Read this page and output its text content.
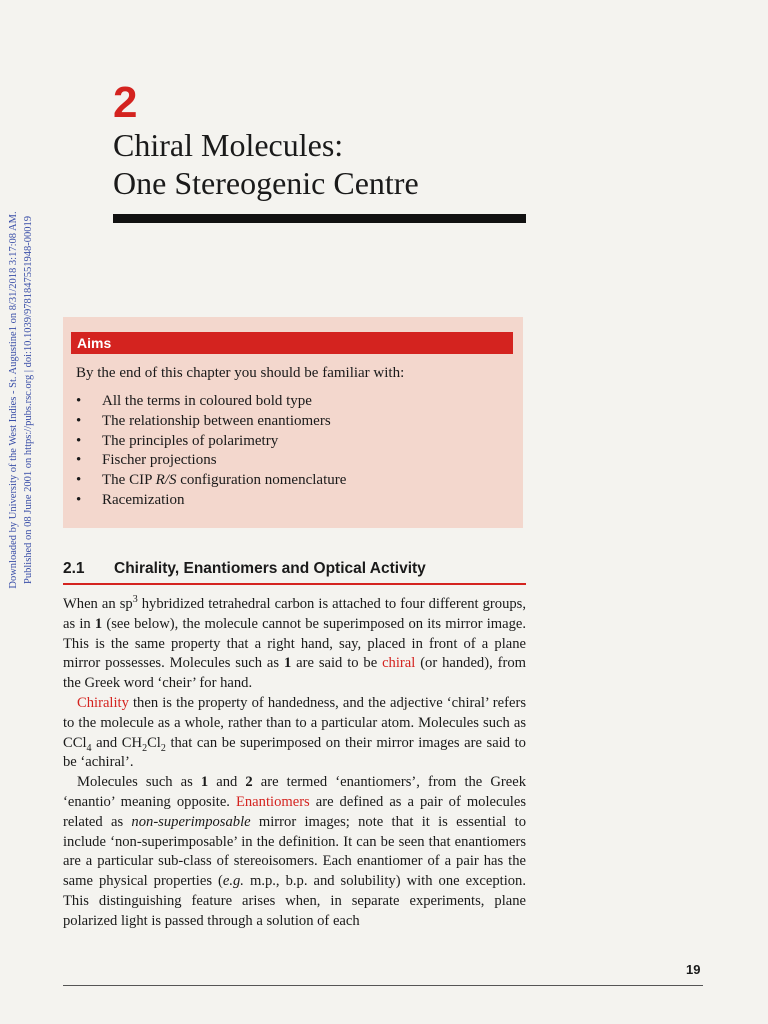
Downloaded by University of the West Indies - St. Augustine1 on 8/31/2018 3:17:08 AM. Published on 08 June 2001 on https://pubs.rsc.org | doi:10.1039/9781847551948-00019
2
Chiral Molecules:
One Stereogenic Centre
Aims
By the end of this chapter you should be familiar with:
•	All the terms in coloured bold type
•	The relationship between enantiomers
•	The principles of polarimetry
•	Fischer projections
•	The CIP R/S configuration nomenclature
•	Racemization
2.1 Chirality, Enantiomers and Optical Activity

When an $sp^3$ hybridized tetrahedral carbon is attached to four different groups, as in 1 (see below), the molecule cannot be superimposed on its mirror image. This is the same property that a right hand, say, placed in front of a plane mirror possesses. Molecules such as 1 are said to be chiral (or handed), from the Greek word ‘cheir’ for hand.

Chirality then is the property of handedness, and the adjective ‘chiral’ refers to the molecule as a whole, rather than to a particular atom. Molecules such as CCl$_4$ and $CH_2Cl_2$ that can be superimposed on their mirror images are said to be ‘achiral’.

Molecules such as 1 and 2 are termed ‘enantiomers’, from the Greek ‘enantio’ meaning opposite. Enantiomers are defined as a pair of molecules related as non-superimposable mirror images; note that it is essential to include ‘non-superimposable’ in the definition. It can be seen that enantiomers are a particular sub-class of stereoisomers. Each enantiomer of a pair has the same physical properties (e.g. m.p., b.p. and solubility) with one exception. This distinguishing feature arises when, in separate experiments, plane polarized light is passed through a solution of each

19
